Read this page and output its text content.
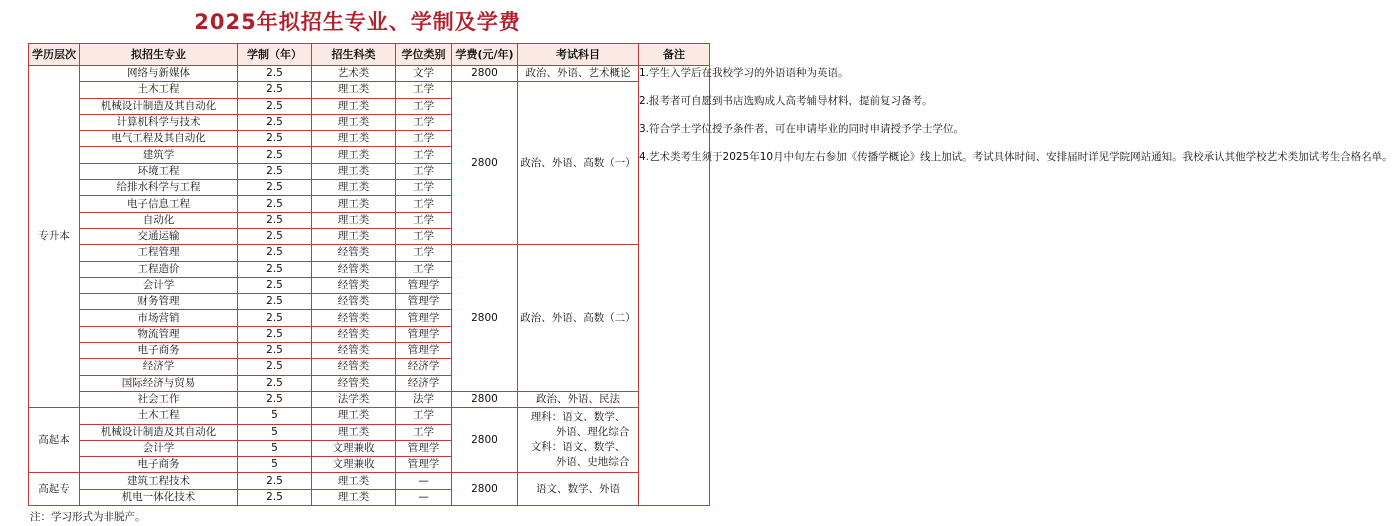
2025年拟招生专业、学制及学费
学历层次	拟招生专业	学制（年）	招生科类	学位类别	学费(元/年)	考试科目	备注
专升本	网络与新媒体	2.5	艺术类	文学	2800	政治、外语、艺术概论	1.学生入学后在我校学习的外语语种为英语。
2.报考者可自愿到书店选购成人高考辅导材料，提前复习备考。
3.符合学士学位授予条件者，可在申请毕业的同时申请授予学士学位。
4.艺术类考生须于2025年10月中旬左右参加《传播学概论》线上加试。考试具体时间、安排届时详见学院网站通知。我校承认其他学校艺术类加试考生合格名单。

	土木工程	2.5	理工类	工学	2800	政治、外语、高数（一）	
	机械设计制造及其自动化	2.5	理工类	工学			
	计算机科学与技术	2.5	理工类	工学			
	电气工程及其自动化	2.5	理工类	工学			
	建筑学	2.5	理工类	工学			
	环境工程	2.5	理工类	工学			
	给排水科学与工程	2.5	理工类	工学			
	电子信息工程	2.5	理工类	工学			
	自动化	2.5	理工类	工学			
	交通运输	2.5	理工类	工学			
	工程管理	2.5	经管类	工学	2800	政治、外语、高数（二）	
	工程造价	2.5	经管类	工学			
	会计学	2.5	经管类	管理学			
	财务管理	2.5	经管类	管理学			
	市场营销	2.5	经管类	管理学			
	物流管理	2.5	经管类	管理学			
	电子商务	2.5	经管类	管理学			
	经济学	2.5	经管类	经济学			
	国际经济与贸易	2.5	经管类	经济学			
	社会工作	2.5	法学类	法学	2800	政治、外语、民法	
高起本	土木工程	5	理工类	工学	2800	理科：语文、数学、
外语、理化综合
文科：语文、数学、
外语、史地综合	

	机械设计制造及其自动化	5	理工类	工学			
	会计学	5	文理兼收	管理学			
	电子商务	5	文理兼收	管理学			
高起专	建筑工程技术	2.5	理工类	—	2800	语文、数学、外语	
	机电一体化技术	2.5	理工类	—			
注：学习形式为非脱产。
